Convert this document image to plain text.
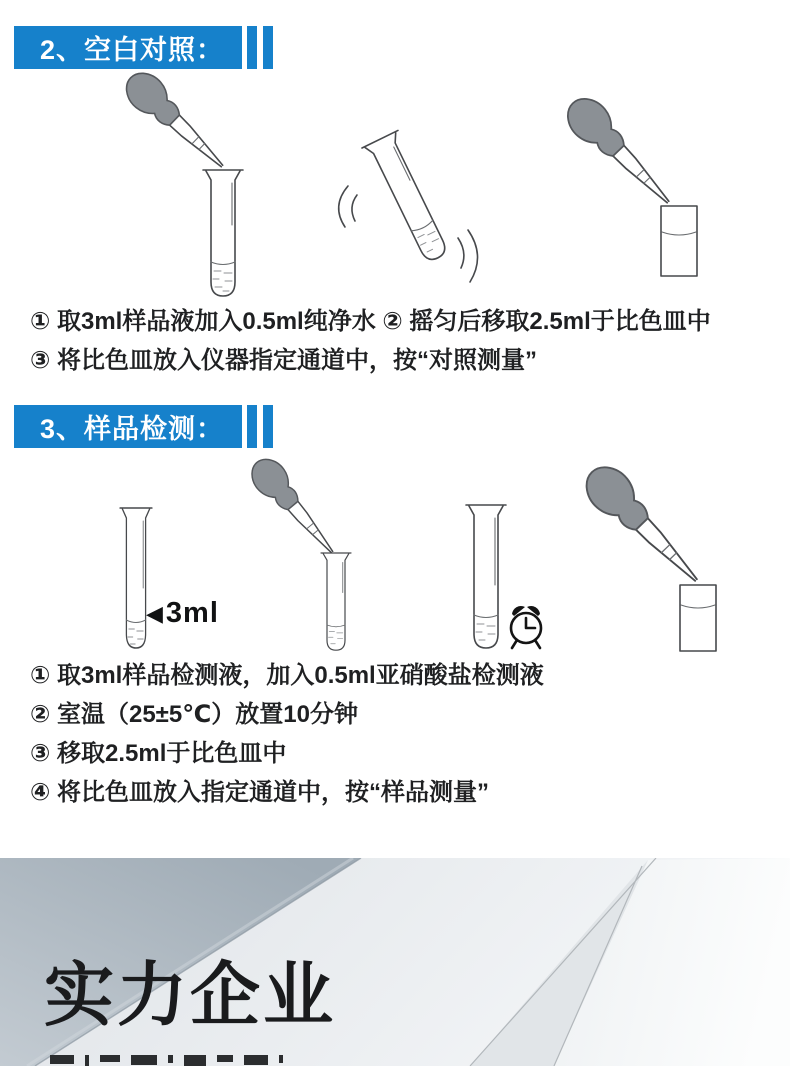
2、空白对照：
① 取3ml样品液加入0.5ml纯净水 ② 摇匀后移取2.5ml于比色皿中
③ 将比色皿放入仪器指定通道中，按“对照测量”
3、样品检测：
◀ 3ml
① 取3ml样品检测液，加入0.5ml亚硝酸盐检测液
② 室温（25±5℃）放置10分钟
③ 移取2.5ml于比色皿中
④ 将比色皿放入指定通道中，按“样品测量”
实力企业
